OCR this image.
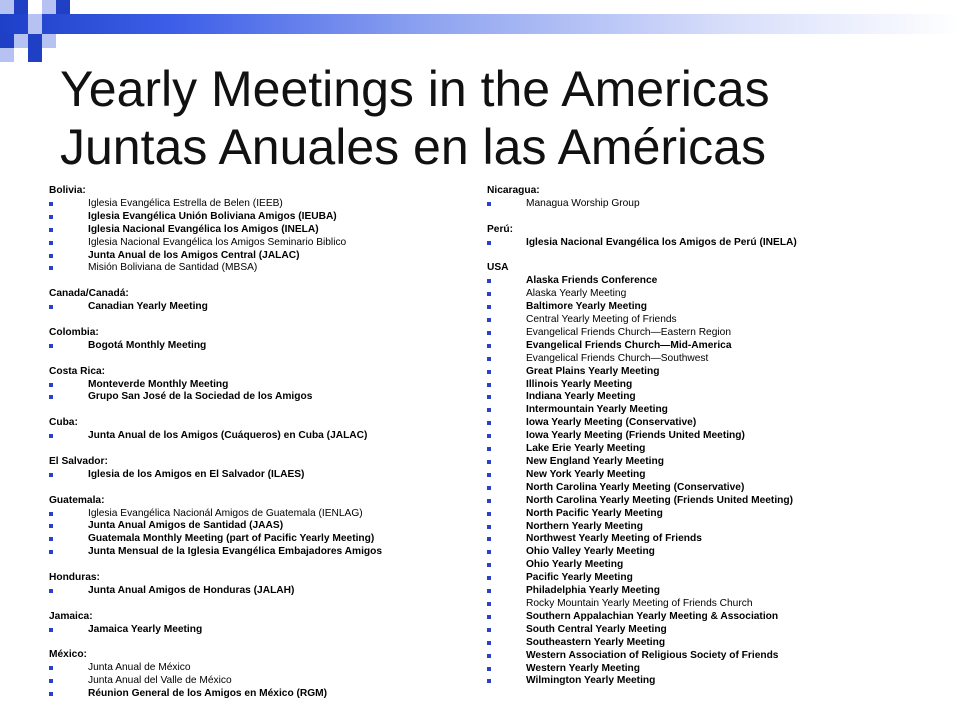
Yearly Meetings in the Americas
Juntas Anuales en las Américas
Bolivia:
Iglesia Evangélica Estrella de Belen (IEEB)
Iglesia Evangélica Unión Boliviana Amigos (IEUBA)
Iglesia Nacional Evangélica los Amigos (INELA)
Iglesia Nacional Evangélica los Amigos Seminario Biblico
Junta Anual de los Amigos Central (JALAC)
Misión Boliviana de Santidad (MBSA)
Canada/Canadá:
Canadian Yearly Meeting
Colombia:
Bogotá Monthly Meeting
Costa Rica:
Monteverde Monthly Meeting
Grupo San José de la Sociedad de los Amigos
Cuba:
Junta Anual de los Amigos (Cuáqueros) en Cuba (JALAC)
El Salvador:
Iglesia de los Amigos en El Salvador (ILAES)
Guatemala:
Iglesia Evangélica Nacionál Amigos de Guatemala (IENLAG)
Junta Anual Amigos de Santidad (JAAS)
Guatemala Monthly Meeting (part of Pacific Yearly Meeting)
Junta Mensual de la Iglesia Evangélica Embajadores Amigos
Honduras:
Junta Anual Amigos de Honduras (JALAH)
Jamaica:
Jamaica Yearly Meeting
México:
Junta Anual de México
Junta Anual del Valle de México
Réunion General de los Amigos en México (RGM)
Nicaragua:
Managua Worship Group
Perú:
Iglesia Nacional Evangélica los Amigos de Perú (INELA)
USA
Alaska Friends Conference
Alaska Yearly Meeting
Baltimore Yearly Meeting
Central Yearly Meeting of Friends
Evangelical Friends Church—Eastern Region
Evangelical Friends Church—Mid-America
Evangelical Friends Church—Southwest
Great Plains Yearly Meeting
Illinois Yearly Meeting
Indiana Yearly Meeting
Intermountain Yearly Meeting
Iowa Yearly Meeting (Conservative)
Iowa Yearly Meeting (Friends United Meeting)
Lake Erie Yearly Meeting
New England Yearly Meeting
New York Yearly Meeting
North Carolina Yearly Meeting (Conservative)
North Carolina Yearly Meeting (Friends United Meeting)
North Pacific Yearly Meeting
Northern Yearly Meeting
Northwest Yearly Meeting of Friends
Ohio Valley Yearly Meeting
Ohio Yearly Meeting
Pacific Yearly Meeting
Philadelphia Yearly Meeting
Rocky Mountain Yearly Meeting of Friends Church
Southern Appalachian Yearly Meeting & Association
South Central Yearly Meeting
Southeastern Yearly Meeting
Western Association of Religious Society of Friends
Western Yearly Meeting
Wilmington Yearly Meeting
